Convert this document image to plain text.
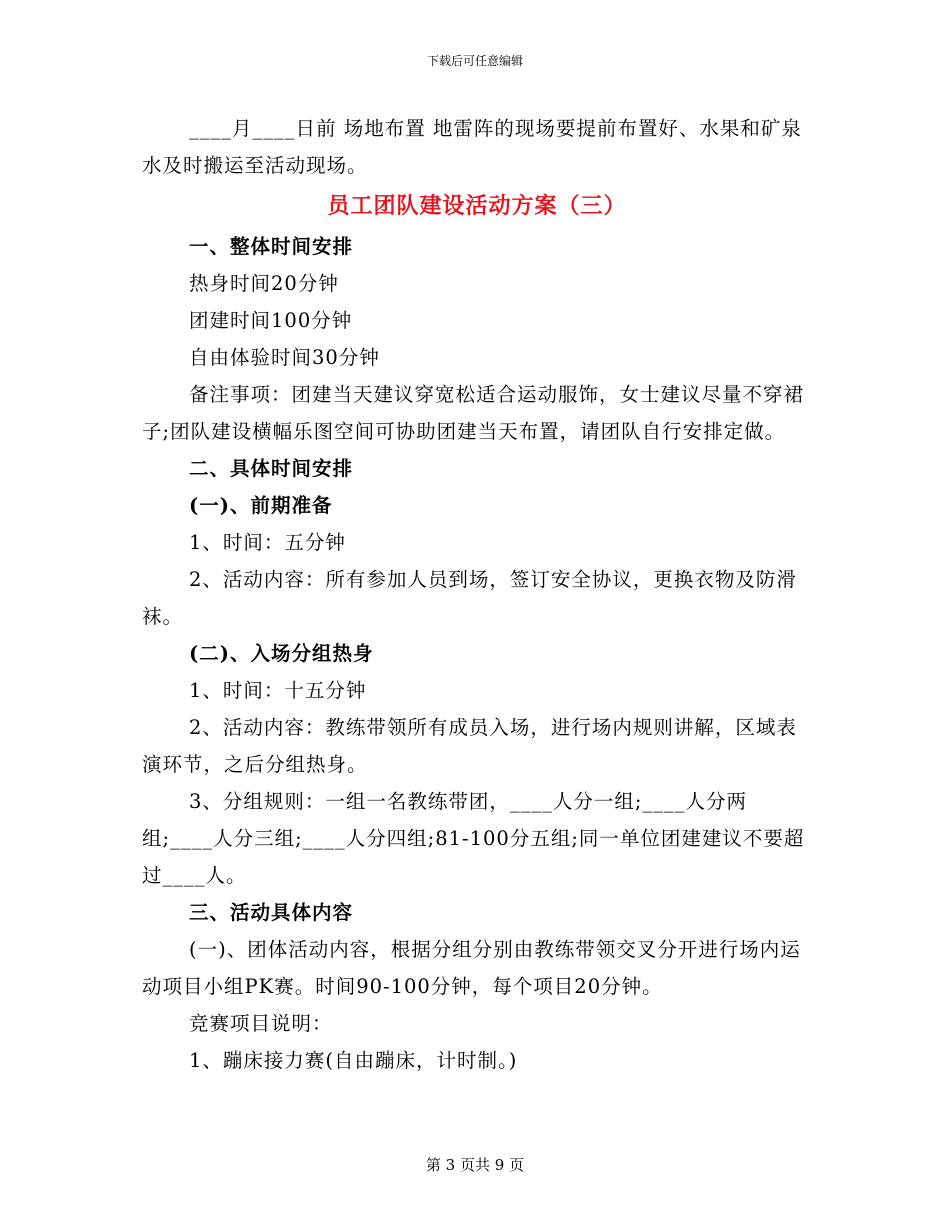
下载后可任意编辑

____月____日前 场地布置 地雷阵的现场要提前布置好、水果和矿泉水及时搬运至活动现场。

员工团队建设活动方案（三）

一、整体时间安排

热身时间20分钟

团建时间100分钟

自由体验时间30分钟

备注事项：团建当天建议穿宽松适合运动服饰，女士建议尽量不穿裙子;团队建设横幅乐图空间可协助团建当天布置，请团队自行安排定做。

二、具体时间安排

(一)、前期准备

1、时间：五分钟

2、活动内容：所有参加人员到场，签订安全协议，更换衣物及防滑袜。

(二)、入场分组热身

1、时间：十五分钟

2、活动内容：教练带领所有成员入场，进行场内规则讲解，区域表演环节，之后分组热身。

3、分组规则：一组一名教练带团，____人分一组;____人分两组;____人分三组;____人分四组;81-100分五组;同一单位团建建议不要超过____人。

三、活动具体内容

(一)、团体活动内容，根据分组分别由教练带领交叉分开进行场内运动项目小组PK赛。时间90-100分钟，每个项目20分钟。

竞赛项目说明：

1、蹦床接力赛(自由蹦床，计时制。)

第 3 页共 9 页
